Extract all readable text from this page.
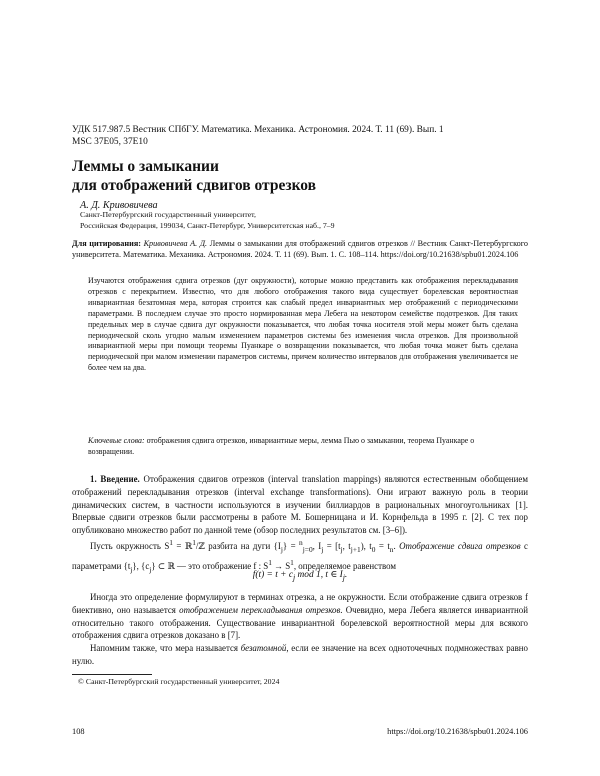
УДК 517.987.5 Вестник СПбГУ. Математика. Механика. Астрономия. 2024. Т. 11 (69). Вып. 1
MSC 37E05, 37E10
Леммы о замыкании
для отображений сдвигов отрезков
А. Д. Кривовичева
Санкт-Петербургский государственный университет,
Российская Федерация, 199034, Санкт-Петербург, Университетская наб., 7–9
Для цитирования: Кривовичева А. Д. Леммы о замыкании для отображений сдвигов отрезков // Вестник Санкт-Петербургского университета. Математика. Механика. Астрономия. 2024. Т. 11 (69). Вып. 1. С. 108–114. https://doi.org/10.21638/spbu01.2024.106
Изучаются отображения сдвига отрезков (дуг окружности), которые можно представить как отображения перекладывания отрезков с перекрытием. Известно, что для любого отображения такого вида существует борелевская вероятностная инвариантная безатомная мера, которая строится как слабый предел инвариантных мер отображений с периодическими параметрами. В последнем случае это просто нормированная мера Лебега на некотором семействе подотрезков. Для таких предельных мер в случае сдвига дуг окружности показывается, что любая точка носителя этой меры может быть сделана периодической сколь угодно малым изменением параметров системы без изменения числа отрезков. Для произвольной инвариантной меры при помощи теоремы Пуанкаре о возвращении показывается, что любая точка может быть сделана периодической при малом изменении параметров системы, причем количество интервалов для отображения увеличивается не более чем на два.
Ключевые слова: отображения сдвига отрезков, инвариантные меры, лемма Пью о замыкании, теорема Пуанкаре о возвращении.

1. Введение. Отображения сдвигов отрезков (interval translation mappings) являются естественным обобщением отображений перекладывания отрезков (interval exchange transformations). Они играют важную роль в теории динамических систем, в частности используются в изучении биллиардов в рациональных многоугольниках [1]. Впервые сдвиги отрезков были рассмотрены в работе М. Бошерницана и И. Корнфельда в 1995 г. [2]. С тех пор опубликовано множество работ по данной теме (обзор последних результатов см. [3–6]).

Пусть окружность $S^1$ = ℝ$^1$/ℤ разбита на дуги $\{I_j\} = ^n_{j=0}$, $I_j = [t_j$, $t_{j+1}$), $t_0 = t_n$. Отображение сдвига отрезков с параметрами $\{t_j\}$, $\{c_j\}$ ⊂ ℝ — это отображение f : $S^1 \to S^1$, определяемое равенством

$f(t) = t + c_j$ mod 1, t ∈ $I_j$.

Иногда это определение формулируют в терминах отрезка, а не окружности. Если отображение сдвига отрезков f биективно, оно называется отображением перекладывания отрезков. Очевидно, мера Лебега является инвариантной относительно такого отображения. Существование инвариантной борелевской вероятностной меры для всякого отображения сдвига отрезков доказано в [7].

Напомним также, что мера называется безатомной, если ее значение на всех одноточечных подмножествах равно нулю.

© Санкт-Петербургский государственный университет, 2024
108	https://doi.org/10.21638/spbu01.2024.106
